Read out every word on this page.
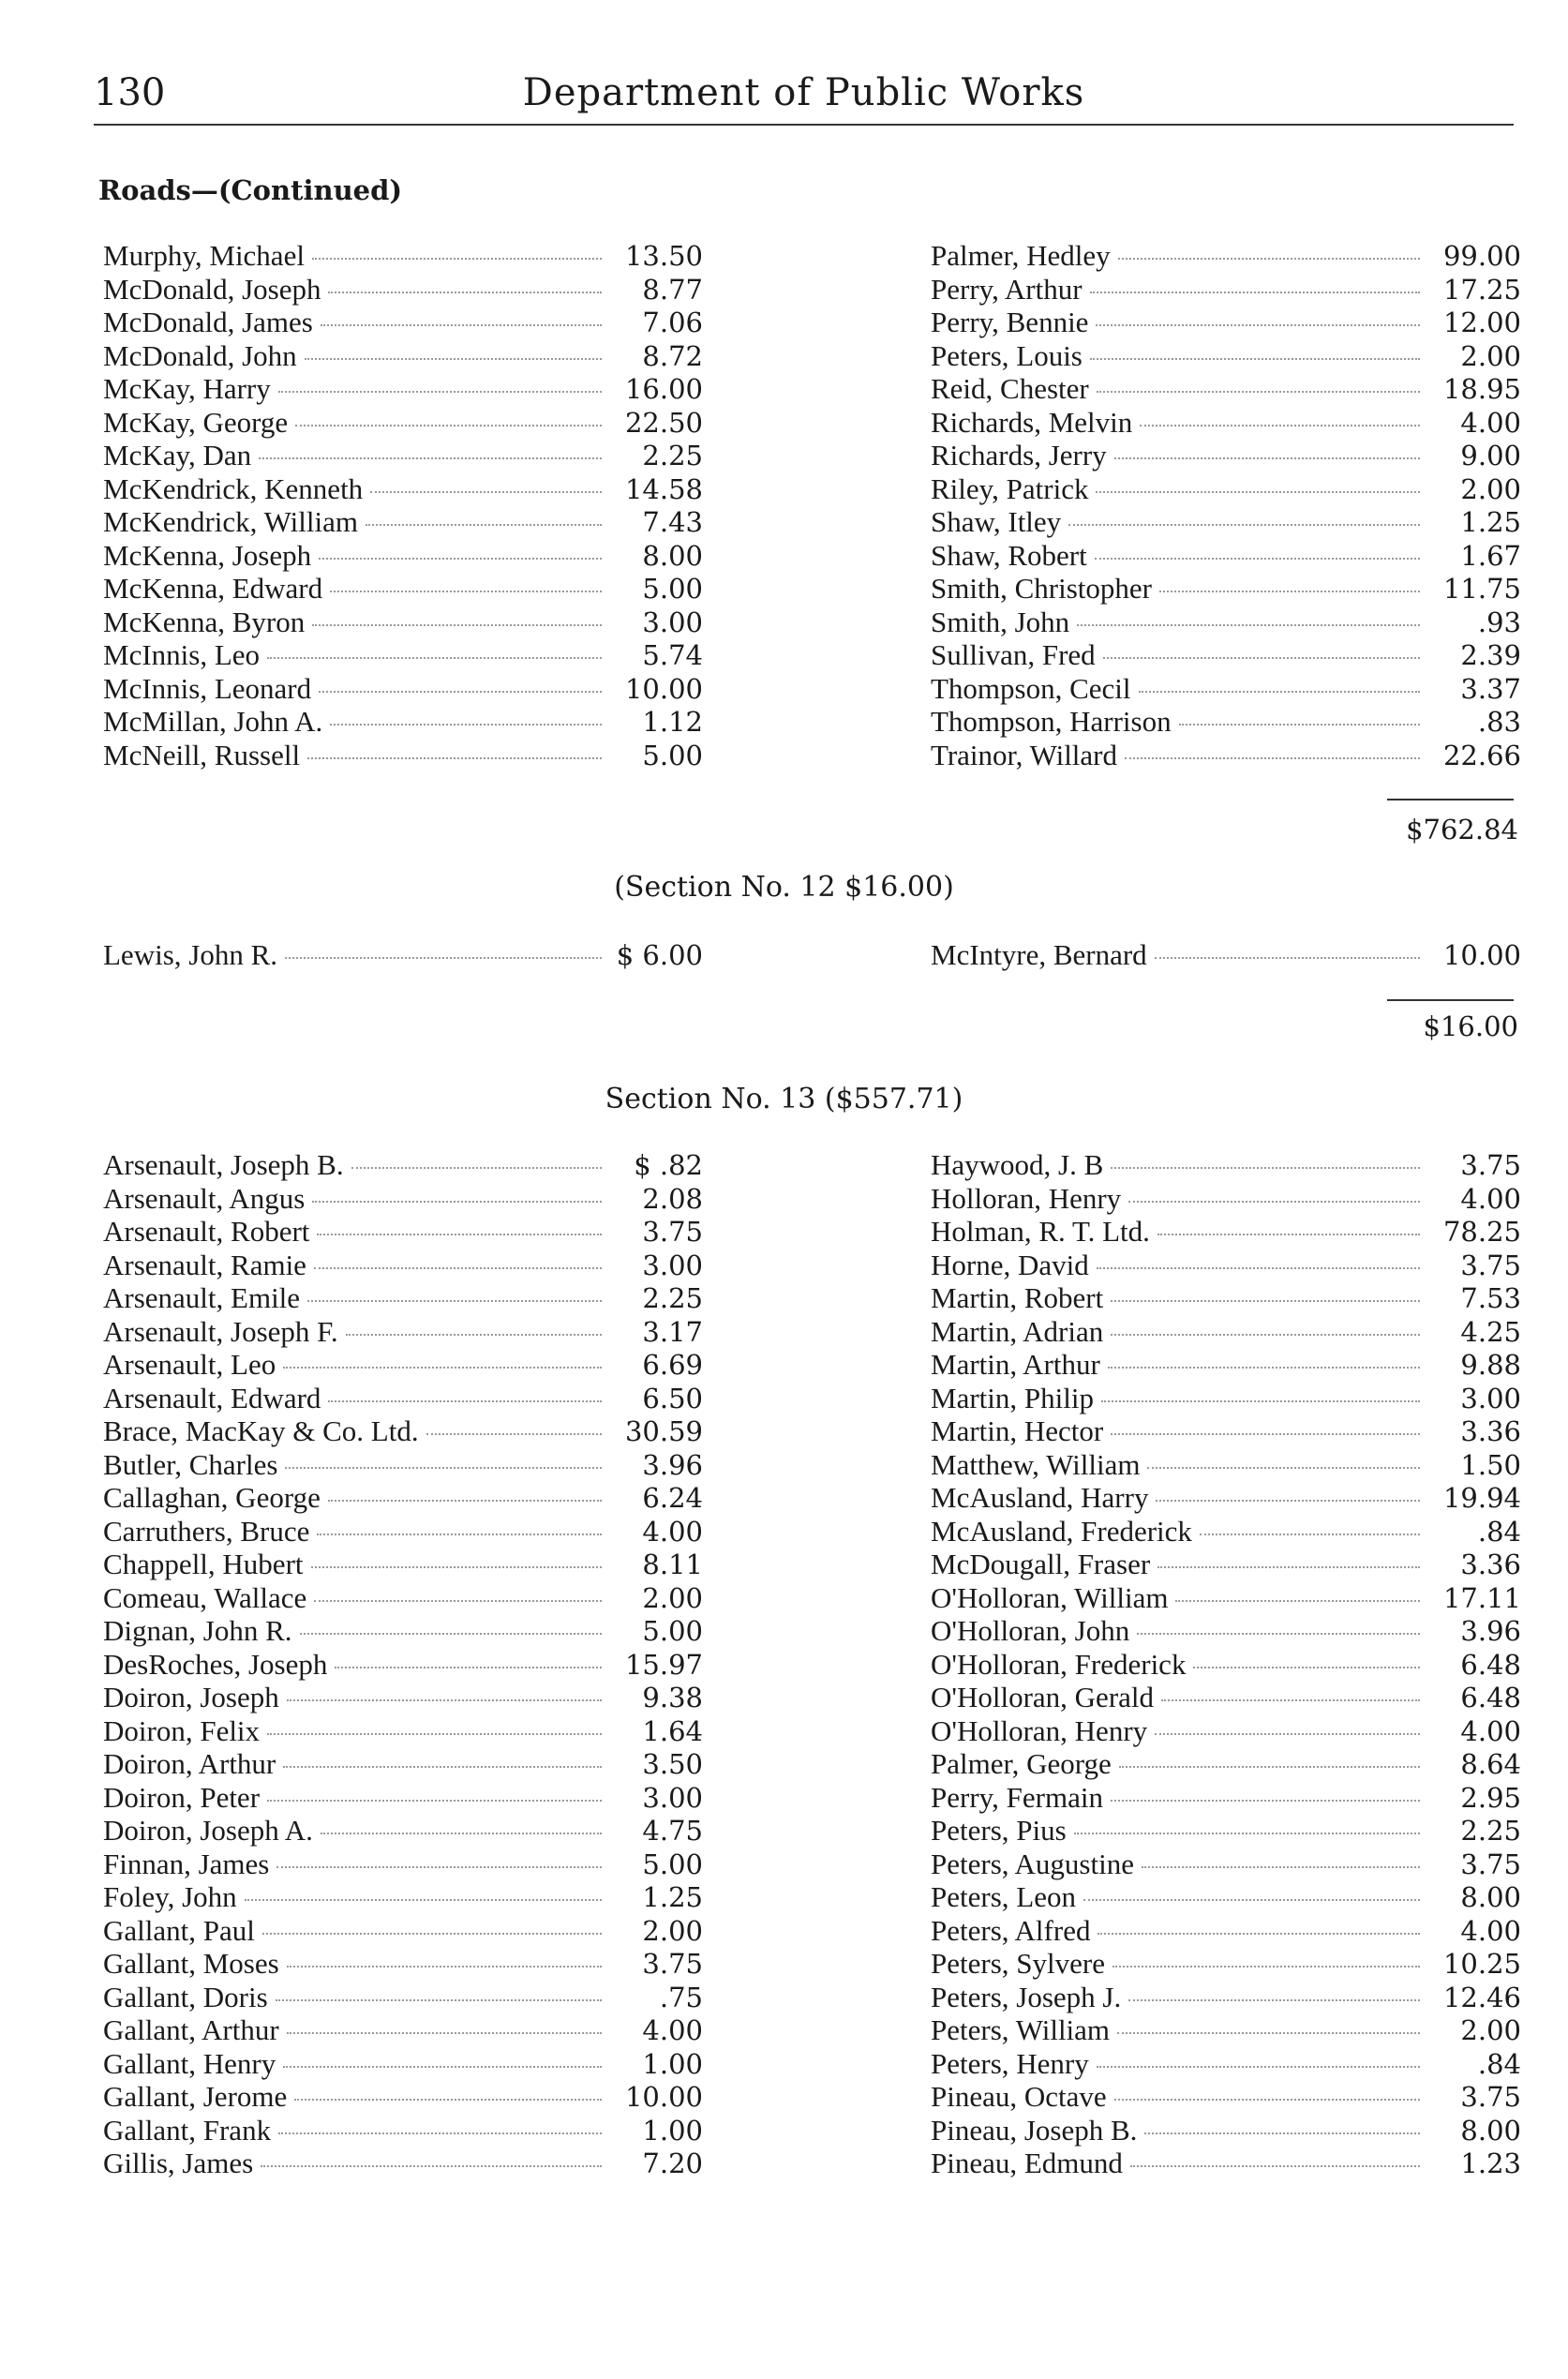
130	Department of Public Works
Roads—(Continued)
Murphy, Michael	13.50
McDonald, Joseph	8.77
McDonald, James	7.06
McDonald, John	8.72
McKay, Harry	16.00
McKay, George	22.50
McKay, Dan	2.25
McKendrick, Kenneth	14.58
McKendrick, William	7.43
McKenna, Joseph	8.00
McKenna, Edward	5.00
McKenna, Byron	3.00
McInnis, Leo	5.74
McInnis, Leonard	10.00
McMillan, John A.	1.12
McNeill, Russell	5.00
Palmer, Hedley	99.00
Perry, Arthur	17.25
Perry, Bennie	12.00
Peters, Louis	2.00
Reid, Chester	18.95
Richards, Melvin	4.00
Richards, Jerry	9.00
Riley, Patrick	2.00
Shaw, Itley	1.25
Shaw, Robert	1.67
Smith, Christopher	11.75
Smith, John	.93
Sullivan, Fred	2.39
Thompson, Cecil	3.37
Thompson, Harrison	.83
Trainor, Willard	22.66
$762.84
(Section No. 12 $16.00)
Lewis, John R.	$ 6.00	McIntyre, Bernard	10.00
$16.00
Section No. 13 ($557.71)
Arsenault, Joseph B.	$ .82
Arsenault, Angus	2.08
Arsenault, Robert	3.75
Arsenault, Ramie	3.00
Arsenault, Emile	2.25
Arsenault, Joseph F.	3.17
Arsenault, Leo	6.69
Arsenault, Edward	6.50
Brace, MacKay & Co. Ltd.	30.59
Butler, Charles	3.96
Callaghan, George	6.24
Carruthers, Bruce	4.00
Chappell, Hubert	8.11
Comeau, Wallace	2.00
Dignan, John R.	5.00
DesRoches, Joseph	15.97
Doiron, Joseph	9.38
Doiron, Felix	1.64
Doiron, Arthur	3.50
Doiron, Peter	3.00
Doiron, Joseph A.	4.75
Finnan, James	5.00
Foley, John	1.25
Gallant, Paul	2.00
Gallant, Moses	3.75
Gallant, Doris	.75
Gallant, Arthur	4.00
Gallant, Henry	1.00
Gallant, Jerome	10.00
Gallant, Frank	1.00
Gillis, James	7.20
Haywood, J. B	3.75
Holloran, Henry	4.00
Holman, R. T. Ltd.	78.25
Horne, David	3.75
Martin, Robert	7.53
Martin, Adrian	4.25
Martin, Arthur	9.88
Martin, Philip	3.00
Martin, Hector	3.36
Matthew, William	1.50
McAusland, Harry	19.94
McAusland, Frederick	.84
McDougall, Fraser	3.36
O'Holloran, William	17.11
O'Holloran, John	3.96
O'Holloran, Frederick	6.48
O'Holloran, Gerald	6.48
O'Holloran, Henry	4.00
Palmer, George	8.64
Perry, Fermain	2.95
Peters, Pius	2.25
Peters, Augustine	3.75
Peters, Leon	8.00
Peters, Alfred	4.00
Peters, Sylvere	10.25
Peters, Joseph J.	12.46
Peters, William	2.00
Peters, Henry	.84
Pineau, Octave	3.75
Pineau, Joseph B.	8.00
Pineau, Edmund	1.23
